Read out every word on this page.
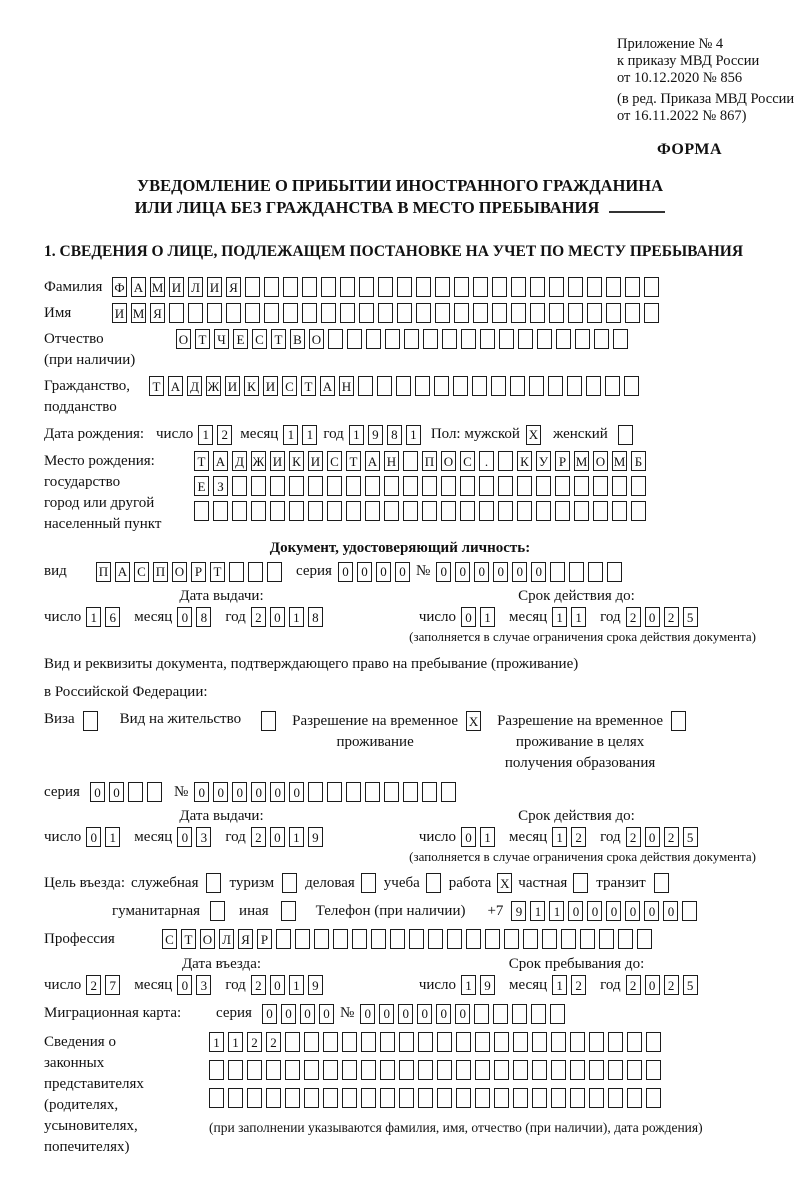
Приложение № 4
к приказу МВД России
от 10.12.2020 № 856
(в ред. Приказа МВД России
от 16.11.2022 № 867)
ФОРМА
УВЕДОМЛЕНИЕ О ПРИБЫТИИ ИНОСТРАННОГО ГРАЖДАНИНА
ИЛИ ЛИЦА БЕЗ ГРАЖДАНСТВА В МЕСТО ПРЕБЫВАНИЯ
1. СВЕДЕНИЯ О ЛИЦЕ, ПОДЛЕЖАЩЕМ ПОСТАНОВКЕ НА УЧЕТ ПО МЕСТУ ПРЕБЫВАНИЯ
Фамилия Ф А М И Л И Я
Имя	И М Я
Отчество
(при наличии)
О Т Ч Е С Т В О
Гражданство,
подданство
Т А Д Ж И К И С Т А Н
Дата рождения: число 1 2 месяц 1 1 год 1 9 8 1 Пол: мужской X женский
Место рождения:
государство
город или другой
населенный пункт
Т А Д Ж И К И С Т А Н П О С	.	К У Р М О М Б
Е З
Документ, удостоверяющий личность:
вид	П А С П О Р Т	серия 0 0 0 0 № 0 0 0 0 0 0
Дата выдачи:	Срок действия до:
число 1 6 месяц 0 8 год 2 0 1 8	число 0 1 месяц 1 1 год 2 0 2 5
(заполняется в случае ограничения срока действия документа)
Вид и реквизиты документа, подтверждающего право на пребывание (проживание)
в Российской Федерации:
Виза	Вид на жительство	Разрешение на временное
проживание
X Разрешение на временное
проживание в целях
получения образования
серия	0 0	№ 0 0 0 0 0 0
Дата выдачи:	Срок действия до:
число 0 1 месяц 0 3 год 2 0 1 9	число 0 1 месяц 1 2 год 2 0 2 5
(заполняется в случае ограничения срока действия документа)
Цель въезда: служебная туризм деловая учеба работа X частная транзит
гуманитарная	иная	Телефон (при наличии) +7 9 1 1 0 0 0 0 0 0
Профессия	С Т О Л Я Р
Дата въезда:	Срок пребывания до:
число 2 7 месяц 0 3 год 2 0 1 9	число 1 9 месяц 1 2 год 2 0 2 5
Миграционная карта:	серия	0 0 0 0 № 0 0 0 0 0 0
Сведения о
законных
представителях
(родителях,
усыновителях,
попечителях)
1 1 2 2
(при заполнении указываются фамилия, имя, отчество (при наличии), дата рождения)
